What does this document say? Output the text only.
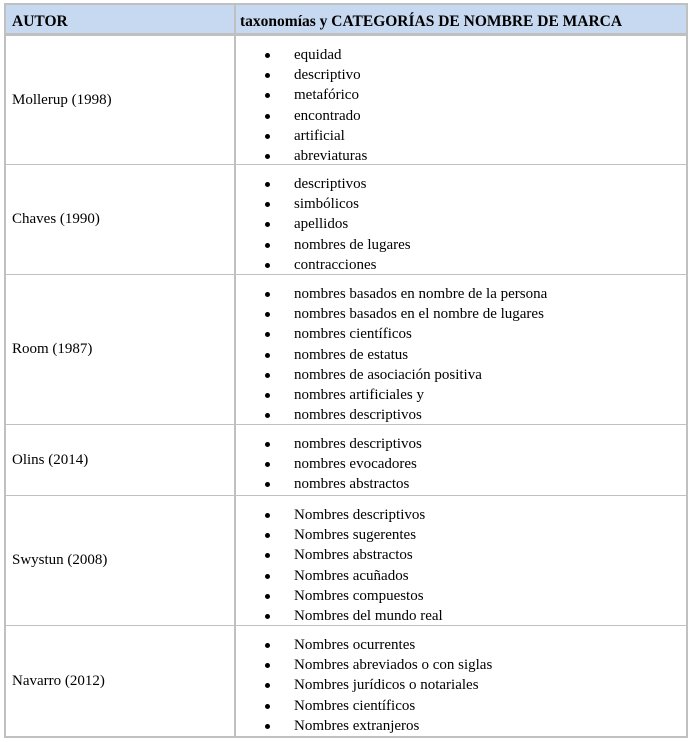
AUTOR	taxonomías y CATEGORÍAS DE NOMBRE DE MARCA
Mollerup (1998)
equidad
descriptivo
metafórico
encontrado
artificial
abreviaturas
Chaves (1990)
descriptivos
simbólicos
apellidos
nombres de lugares
contracciones
Room (1987)
nombres basados en nombre de la persona
nombres basados en el nombre de lugares
nombres científicos
nombres de estatus
nombres de asociación positiva
nombres artificiales y
nombres descriptivos
Olins (2014)
nombres descriptivos
nombres evocadores
nombres abstractos
Swystun (2008)
Nombres descriptivos
Nombres sugerentes
Nombres abstractos
Nombres acuñados
Nombres compuestos
Nombres del mundo real
Navarro (2012)
Nombres ocurrentes
Nombres abreviados o con siglas
Nombres jurídicos o notariales
Nombres científicos
Nombres extranjeros
